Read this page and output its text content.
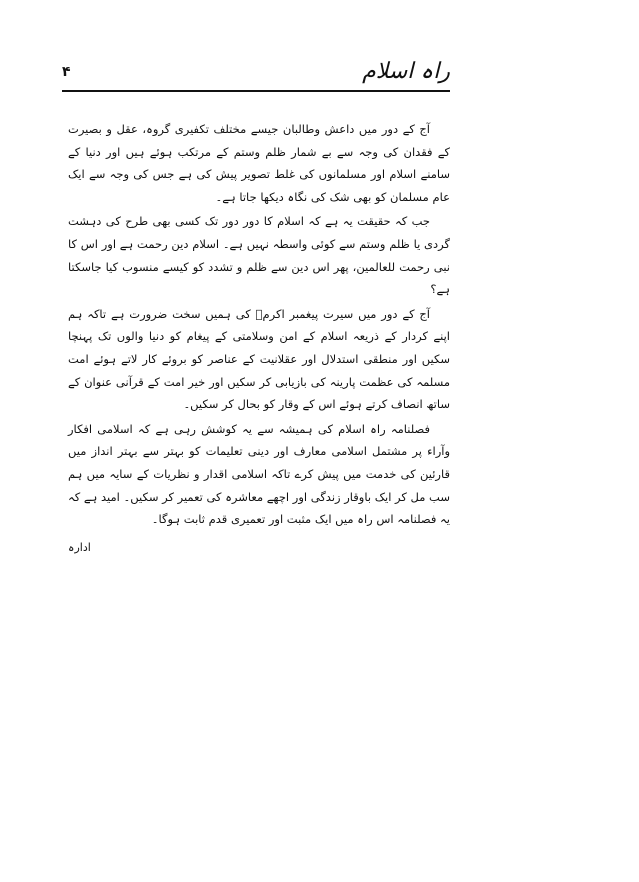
راہ اسلام
۴

آج کے دور میں داعش وطالبان جیسے مختلف تکفیری گروہ، عقل و بصیرت کے فقدان کی وجہ سے بے شمار ظلم وستم کے مرتکب ہوئے ہیں اور دنیا کے سامنے اسلام اور مسلمانوں کی غلط تصویر پیش کی ہے جس کی وجہ سے ایک عام مسلمان کو بھی شک کی نگاہ دیکھا جاتا ہے۔

جب کہ حقیقت یہ ہے کہ اسلام کا دور دور تک کسی بھی طرح کی دہشت گردی یا ظلم وستم سے کوئی واسطہ نہیں ہے۔ اسلام دین رحمت ہے اور اس کا نبی رحمت للعالمین، پھر اس دین سے ظلم و تشدد کو کیسے منسوب کیا جاسکتا ہے؟

آج کے دور میں سیرت پیغمبر اکرمؐ کی ہمیں سخت ضرورت ہے تاکہ ہم اپنے کردار کے ذریعہ اسلام کے امن وسلامتی کے پیغام کو دنیا والوں تک پہنچا سکیں اور منطقی استدلال اور عقلانیت کے عناصر کو بروئے کار لاتے ہوئے امت مسلمہ کی عظمت پارینہ کی بازیابی کر سکیں اور خیر امت کے قرآنی عنوان کے ساتھ انصاف کرتے ہوئے اس کے وقار کو بحال کر سکیں۔

فصلنامہ راہ اسلام کی ہمیشہ سے یہ کوشش رہی ہے کہ اسلامی افکار وآراء پر مشتمل اسلامی معارف اور دینی تعلیمات کو بہتر سے بہتر انداز میں قارئین کی خدمت میں پیش کرے تاکہ اسلامی اقدار و نظریات کے سایہ میں ہم سب مل کر ایک باوقار زندگی اور اچھے معاشرہ کی تعمیر کر سکیں۔ امید ہے کہ یہ فصلنامہ اس راہ میں ایک مثبت اور تعمیری قدم ثابت ہوگا۔

ادارہ
